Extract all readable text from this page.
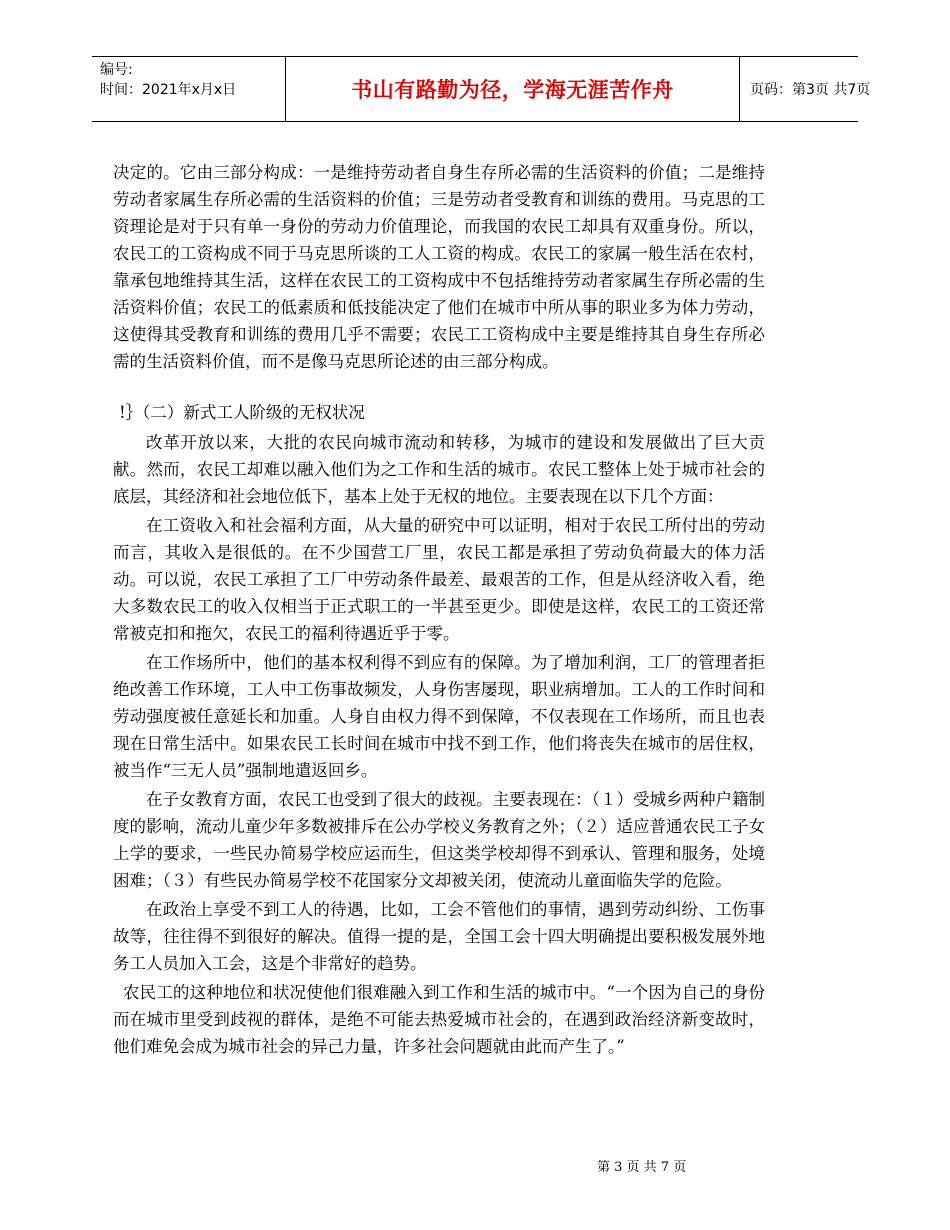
编号:
时间：2021年x月x日	书山有路勤为径，学海无涯苦作舟	页码：第3页 共7页

决定的。它由三部分构成：一是维持劳动者自身生存所必需的生活资料的价值；二是维持劳动者家属生存所必需的生活资料的价值；三是劳动者受教育和训练的费用。马克思的工资理论是对于只有单一身份的劳动力价值理论，而我国的农民工却具有双重身份。所以，农民工的工资构成不同于马克思所谈的工人工资的构成。农民工的家属一般生活在农村，靠承包地维持其生活，这样在农民工的工资构成中不包括维持劳动者家属生存所必需的生活资料价值；农民工的低素质和低技能决定了他们在城市中所从事的职业多为体力劳动，这使得其受教育和训练的费用几乎不需要；农民工工资构成中主要是维持其自身生存所必需的生活资料价值，而不是像马克思所论述的由三部分构成。

!｝（二）新式工人阶级的无权状况

改革开放以来，大批的农民向城市流动和转移，为城市的建设和发展做出了巨大贡献。然而，农民工却难以融入他们为之工作和生活的城市。农民工整体上处于城市社会的底层，其经济和社会地位低下，基本上处于无权的地位。主要表现在以下几个方面：

在工资收入和社会福利方面，从大量的研究中可以证明，相对于农民工所付出的劳动而言，其收入是很低的。在不少国营工厂里，农民工都是承担了劳动负荷最大的体力活动。可以说，农民工承担了工厂中劳动条件最差、最艰苦的工作，但是从经济收入看，绝大多数农民工的收入仅相当于正式职工的一半甚至更少。即使是这样，农民工的工资还常常被克扣和拖欠，农民工的福利待遇近乎于零。

在工作场所中，他们的基本权利得不到应有的保障。为了增加利润，工厂的管理者拒绝改善工作环境，工人中工伤事故频发，人身伤害屡现，职业病增加。工人的工作时间和劳动强度被任意延长和加重。人身自由权力得不到保障，不仅表现在工作场所，而且也表现在日常生活中。如果农民工长时间在城市中找不到工作，他们将丧失在城市的居住权，被当作“三无人员”强制地遣返回乡。

在子女教育方面，农民工也受到了很大的歧视。主要表现在：（１）受城乡两种户籍制度的影响，流动儿童少年多数被排斥在公办学校义务教育之外；（２）适应普通农民工子女上学的要求，一些民办简易学校应运而生，但这类学校却得不到承认、管理和服务，处境困难；（３）有些民办简易学校不花国家分文却被关闭，使流动儿童面临失学的危险。

在政治上享受不到工人的待遇，比如，工会不管他们的事情，遇到劳动纠纷、工伤事故等，往往得不到很好的解决。值得一提的是，全国工会十四大明确提出要积极发展外地务工人员加入工会，这是个非常好的趋势。

农民工的这种地位和状况使他们很难融入到工作和生活的城市中。“一个因为自己的身份而在城市里受到歧视的群体，是绝不可能去热爱城市社会的，在遇到政治经济新变故时，他们难免会成为城市社会的异己力量，许多社会问题就由此而产生了。”

第 3 页 共 7 页
